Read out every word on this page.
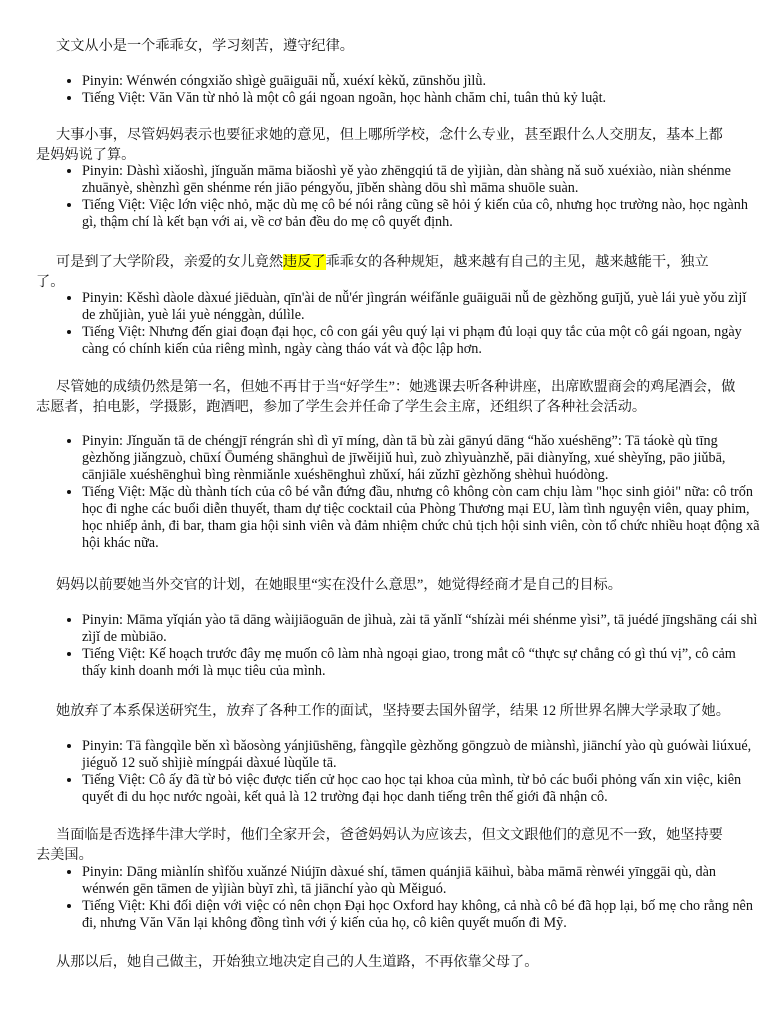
文文从小是一个乖乖女，学习刻苦，遵守纪律。
• Pinyin: Wénwén cóngxiǎo shìgè guāiguāi nǚ, xuéxí kèkǔ, zūnshǒu jìlǜ.
• Tiếng Việt: Văn Văn từ nhỏ là một cô gái ngoan ngoãn, học hành chăm chỉ, tuân thủ kỷ luật.
大事小事，尽管妈妈表示也要征求她的意见，但上哪所学校，念什么专业，甚至跟什么人交朋友，基本上都是妈妈说了算。
• Pinyin: Dàshì xiǎoshì, jǐnguǎn māma biǎoshì yě yào zhēngqiú tā de yìjiàn, dàn shàng nǎ suǒ xuéxiào, niàn shénme zhuānyè, shènzhì gēn shénme rén jiāo péngyǒu, jīběn shàng dōu shì māma shuōle suàn.
• Tiếng Việt: Việc lớn việc nhỏ, mặc dù mẹ cô bé nói rằng cũng sẽ hỏi ý kiến của cô, nhưng học trường nào, học ngành gì, thậm chí là kết bạn với ai, về cơ bản đều do mẹ cô quyết định.
可是到了大学阶段，亲爱的女儿竟然违反了乖乖女的各种规矩，越来越有自己的主见，越来越能干，独立了。
• Pinyin: Kěshì dàole dàxué jiēduàn, qīn'ài de nǚ'ér jìngrán wéifǎnle guāiguāi nǚ de gèzhǒng guījǔ, yuè lái yuè yǒu zìjǐ de zhǔjiàn, yuè lái yuè nénggàn, dúlìle.
• Tiếng Việt: Nhưng đến giai đoạn đại học, cô con gái yêu quý lại vi phạm đủ loại quy tắc của một cô gái ngoan, ngày càng có chính kiến của riêng mình, ngày càng tháo vát và độc lập hơn.
尽管她的成绩仍然是第一名，但她不再甘于当“好学生”：她逃课去听各种讲座，出席欧盟商会的鸡尾酒会，做志愿者，拍电影，学摄影，跑酒吧，参加了学生会并任命了学生会主席，还组织了各种社会活动。
• Pinyin: Jǐnguǎn tā de chéngjī réngrán shì dì yī míng, dàn tā bù zài gānyú dāng “hǎo xuéshēng”: Tā táokè qù tīng gèzhǒng jiǎngzuò, chūxí Ōuméng shānghuì de jīwěijiǔ huì, zuò zhìyuànzhě, pāi diànyǐng, xué shèyǐng, pāo jiǔbā, cānjiāle xuéshēnghuì bìng rènmiǎnle xuéshēnghuì zhǔxí, hái zǔzhī gèzhǒng shèhuì huódòng.
• Tiếng Việt: Mặc dù thành tích của cô bé vẫn đứng đầu, nhưng cô không còn cam chịu làm "học sinh giỏi" nữa: cô trốn học đi nghe các buổi diễn thuyết, tham dự tiệc cocktail của Phòng Thương mại EU, làm tình nguyện viên, quay phim, học nhiếp ảnh, đi bar, tham gia hội sinh viên và đảm nhiệm chức chủ tịch hội sinh viên, còn tổ chức nhiều hoạt động xã hội khác nữa.
妈妈以前要她当外交官的计划，在她眼里“实在没什么意思”，她觉得经商才是自己的目标。
• Pinyin: Māma yǐqián yào tā dāng wàijiāoguān de jìhuà, zài tā yǎnlǐ “shízài méi shénme yìsi”, tā juédé jīngshāng cái shì zìjǐ de mùbiāo.
• Tiếng Việt: Kế hoạch trước đây mẹ muốn cô làm nhà ngoại giao, trong mắt cô “thực sự chẳng có gì thú vị”, cô cảm thấy kinh doanh mới là mục tiêu của mình.
她放弃了本系保送研究生，放弃了各种工作的面试，坚持要去国外留学，结果 12 所世界名牌大学录取了她。
• Pinyin: Tā fàngqìle běn xì bǎosòng yánjiūshēng, fàngqìle gèzhǒng gōngzuò de miànshì, jiānchí yào qù guówài liúxué, jiéguǒ 12 suǒ shìjiè míngpái dàxué lùqǔle tā.
• Tiếng Việt: Cô ấy đã từ bỏ việc được tiến cử học cao học tại khoa của mình, từ bỏ các buổi phỏng vấn xin việc, kiên quyết đi du học nước ngoài, kết quả là 12 trường đại học danh tiếng trên thế giới đã nhận cô.
当面临是否选择牛津大学时，他们全家开会，爸爸妈妈认为应该去，但文文跟他们的意见不一致，她坚持要去美国。
• Pinyin: Dāng miànlín shìfǒu xuǎnzé Niújīn dàxué shí, tāmen quánjiā kāihuì, bàba māmā rènwéi yīnggāi qù, dàn wénwén gēn tāmen de yìjiàn bùyī zhì, tā jiānchí yào qù Měiguó.
• Tiếng Việt: Khi đối diện với việc có nên chọn Đại học Oxford hay không, cả nhà cô bé đã họp lại, bố mẹ cho rằng nên đi, nhưng Văn Văn lại không đồng tình với ý kiến của họ, cô kiên quyết muốn đi Mỹ.
从那以后，她自己做主，开始独立地决定自己的人生道路，不再依靠父母了。
